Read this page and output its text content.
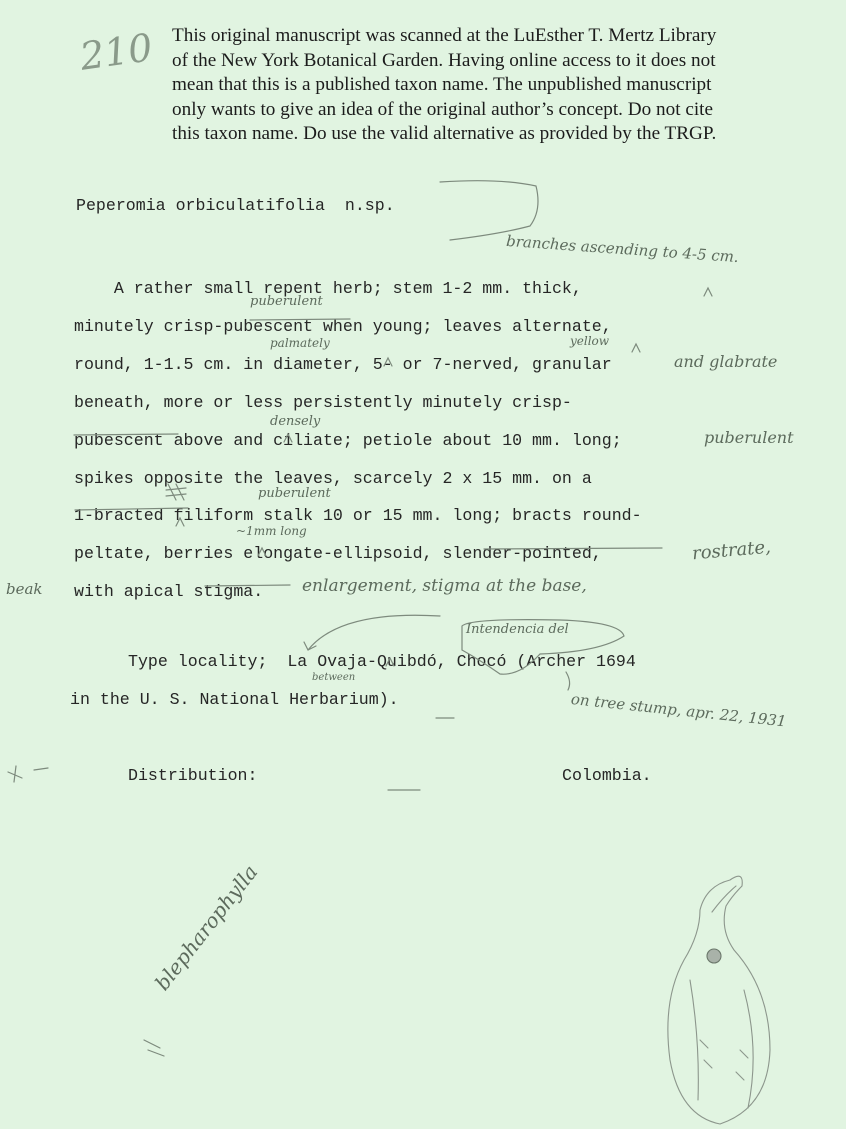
210 This original manuscript was scanned at the LuEsther T. Mertz Library
of the New York Botanical Garden. Having online access to it does not
mean that this is a published taxon name. The unpublished manuscript
only wants to give an idea of the original author’s concept. Do not cite
this taxon name. Do use the valid alternative as provided by the TRGP.
Peperomia orbiculatifolia  n.sp.
A rather small repent herb; stem 1-2 mm. thick,
minutely crisp-pubescent when young; leaves alternate,
round, 1-1.5 cm. in diameter, 5- or 7-nerved, granular
beneath, more or less persistently minutely crisp-
pubescent above and ciliate; petiole about 10 mm. long;
spikes opposite the leaves, scarcely 2 x 15 mm. on a
1-bracted filiform stalk 10 or 15 mm. long; bracts round-
peltate, berries elongate-ellipsoid, slender-pointed,
with apical stigma.
Type locality;  La Ovaja-Quibdó, Chocó (Archer 1694
in the U. S. National Herbarium).
Distribution:	Colombia.
branches ascending to 4-5 cm.
puberulent
palmately	yellow
and glabrate
densely
puberulent
puberulent
~1mm long
rostrate,
beak	enlargement, stigma at the base,
Intendencia del
between
on tree stump, apr. 22, 1931
blepharophylla
